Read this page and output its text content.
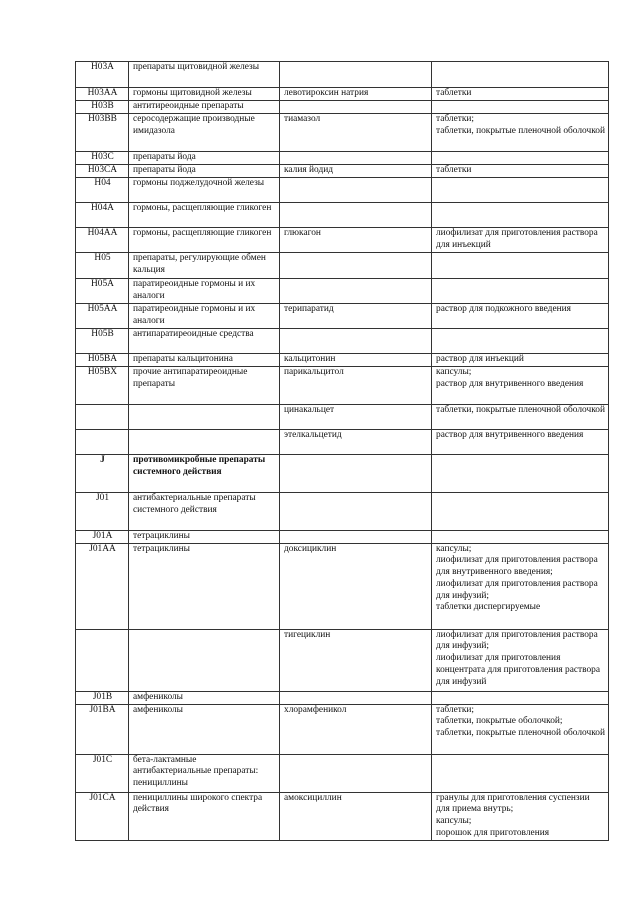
H03A	препараты щитовидной железы		
H03AA	гормоны щитовидной железы	левотироксин натрия	таблетки
H03B	антитиреоидные препараты		
H03BB	серосодержащие производные имидазола	тиамазол	таблетки;
таблетки, покрытые пленочной оболочкой
H03C	препараты йода		
H03CA	препараты йода	калия йодид	таблетки
H04	гормоны поджелудочной железы		
H04A	гормоны, расщепляющие гликоген		
H04AA	гормоны, расщепляющие гликоген	глюкагон	лиофилизат для приготовления раствора для инъекций
H05	препараты, регулирующие обмен кальция		
H05A	паратиреоидные гормоны и их аналоги		
H05AA	паратиреоидные гормоны и их аналоги	терипаратид	раствор для подкожного введения
H05B	антипаратиреоидные средства		
H05BA	препараты кальцитонина	кальцитонин	раствор для инъекций
H05BX	прочие антипаратиреоидные препараты	парикальцитол	капсулы;
раствор для внутривенного введения
		цинакальцет	таблетки, покрытые пленочной оболочкой
		этелкальцетид	раствор для внутривенного введения
J	противомикробные препараты системного действия		
J01	антибактериальные препараты системного действия		
J01A	тетрациклины		
J01AA	тетрациклины	доксициклин	капсулы;
лиофилизат для приготовления раствора для внутривенного введения;
лиофилизат для приготовления раствора для инфузий;
таблетки диспергируемые
		тигециклин	лиофилизат для приготовления раствора для инфузий;
лиофилизат для приготовления концентрата для приготовления раствора для инфузий
J01B	амфениколы		
J01BA	амфениколы	хлорамфеникол	таблетки;
таблетки, покрытые оболочкой;
таблетки, покрытые пленочной оболочкой
J01C	бета-лактамные антибактериальные препараты: пенициллины		
J01CA	пенициллины широкого спектра действия	амоксициллин	гранулы для приготовления суспензии для приема внутрь;
капсулы;
порошок для приготовления
